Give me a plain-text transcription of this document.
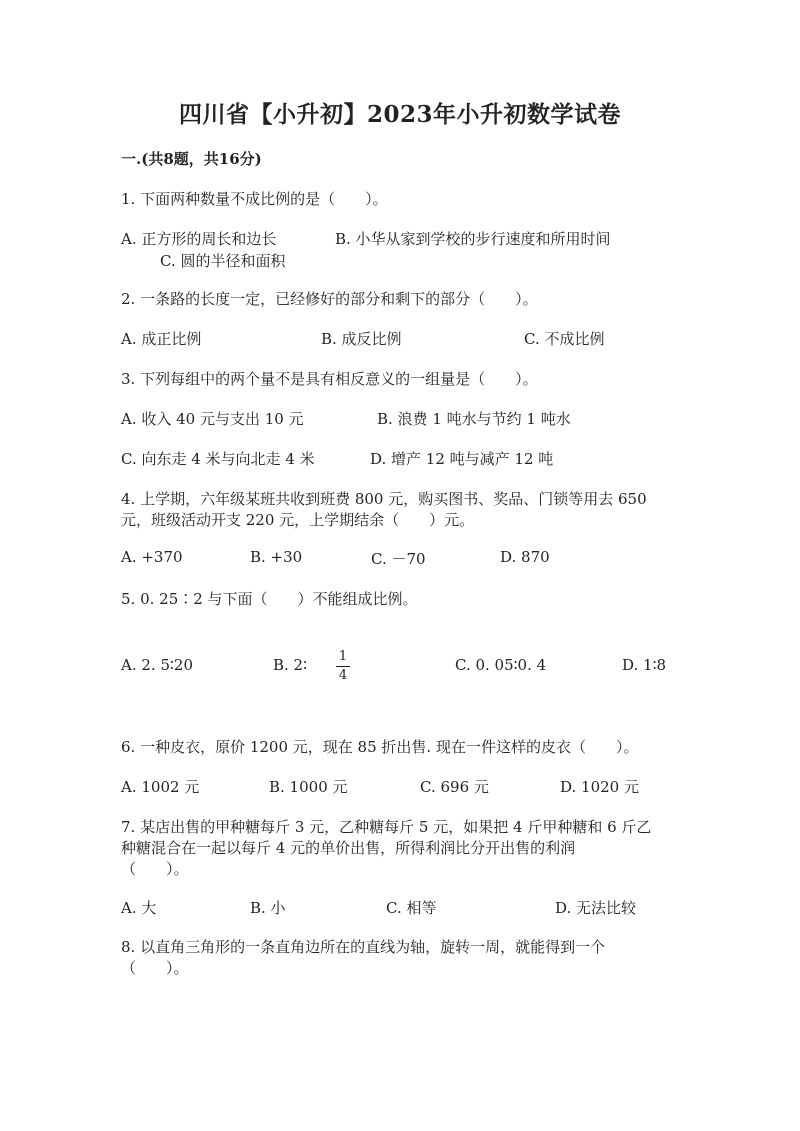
四川省【小升初】2023年小升初数学试卷
一.(共8题，共16分)
1. 下面两种数量不成比例的是（　　）。
A. 正方形的周长和边长	B. 小华从家到学校的步行速度和所用时间
C. 圆的半径和面积
2. 一条路的长度一定，已经修好的部分和剩下的部分（　　）。
A. 成正比例	B. 成反比例	C. 不成比例
3. 下列每组中的两个量不是具有相反意义的一组量是（　　）。
A. 收入 40 元与支出 10 元	B. 浪费 1 吨水与节约 1 吨水
C. 向东走 4 米与向北走 4 米	D. 增产 12 吨与减产 12 吨
4. 上学期，六年级某班共收到班费 800 元，购买图书、奖品、门锁等用去 650
元，班级活动开支 220 元，上学期结余（　　）元。
A. +370	B. +30	C. －70	D. 870
5. 0. 25∶2 与下面（　　）不能组成比例。
A. 2. 5∶20	B. 2∶ 1
4
C. 0. 05∶0. 4	D. 1∶8
6. 一种皮衣，原价 1200 元，现在 85 折出售. 现在一件这样的皮衣（　　）。
A. 1002 元	B. 1000 元	C. 696 元	D. 1020 元
7. 某店出售的甲种糖每斤 3 元，乙种糖每斤 5 元，如果把 4 斤甲种糖和 6 斤乙
种糖混合在一起以每斤 4 元的单价出售，所得利润比分开出售的利润
（　　）。
A. 大	B. 小	C. 相等	D. 无法比较
8. 以直角三角形的一条直角边所在的直线为轴，旋转一周，就能得到一个
（　　）。
